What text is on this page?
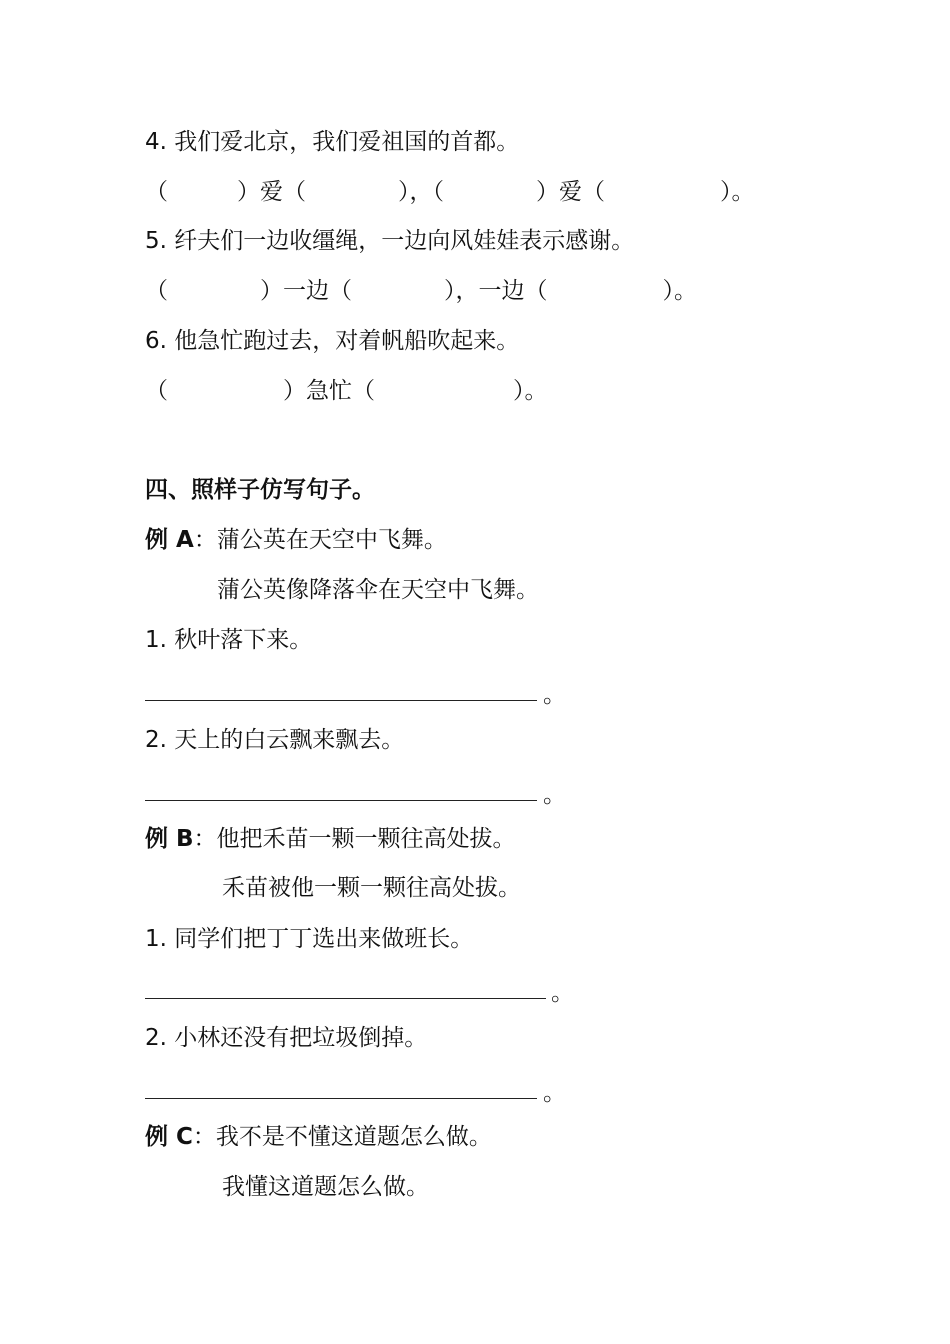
4. 我们爱北京，我们爱祖国的首都。

（　　　）爱（　　　　），（　　　　）爱（　　　　　）。

5. 纤夫们一边收缰绳，一边向风娃娃表示感谢。

（　　　　）一边（　　　　），一边（　　　　　）。

6. 他急忙跑过去，对着帆船吹起来。

（　　　　　）急忙（　　　　　　）。

四、照样子仿写句子。

例 A：蒲公英在天空中飞舞。

蒲公英像降落伞在天空中飞舞。

1. 秋叶落下来。

。

2. 天上的白云飘来飘去。

。

例 B：他把禾苗一颗一颗往高处拔。

禾苗被他一颗一颗往高处拔。

1. 同学们把丁丁选出来做班长。

。

2. 小林还没有把垃圾倒掉。

。

例 C：我不是不懂这道题怎么做。

我懂这道题怎么做。
